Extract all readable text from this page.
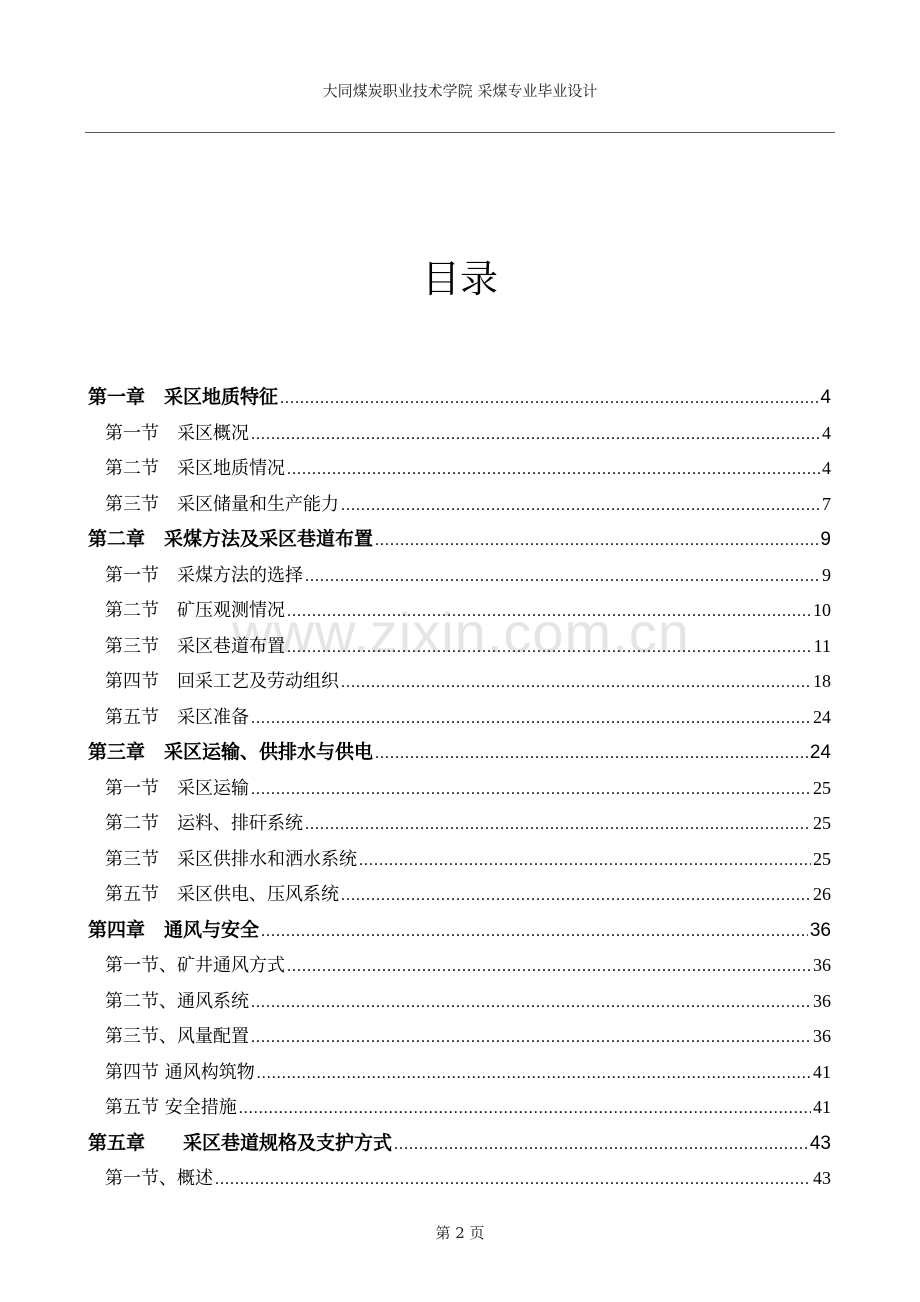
大同煤炭职业技术学院 采煤专业毕业设计
目录
www.zixin.com.cn
第一章　采区地质特征 .....	4
第一节　采区概况 .....	4
第二节　采区地质情况 .....	4
第三节　采区储量和生产能力 .....	7
第二章　采煤方法及采区巷道布置 .....	9
第一节　采煤方法的选择 .....	9
第二节　矿压观测情况 .....	10
第三节　采区巷道布置 .....	11
第四节　回采工艺及劳动组织 .....	18
第五节　采区准备 .....	24
第三章　采区运输、供排水与供电 .....	24
第一节　采区运输 .....	25
第二节　运料、排矸系统 .....	25
第三节　采区供排水和洒水系统 .....	25
第五节　采区供电、压风系统 .....	26
第四章　通风与安全 .....	36
第一节、矿井通风方式 .....	36
第二节、通风系统 .....	36
第三节、风量配置 .....	36
第四节 通风构筑物 .....	41
第五节 安全措施 .....	41
第五章　　采区巷道规格及支护方式 .....	43
第一节、概述 .....	43
第 2 页
